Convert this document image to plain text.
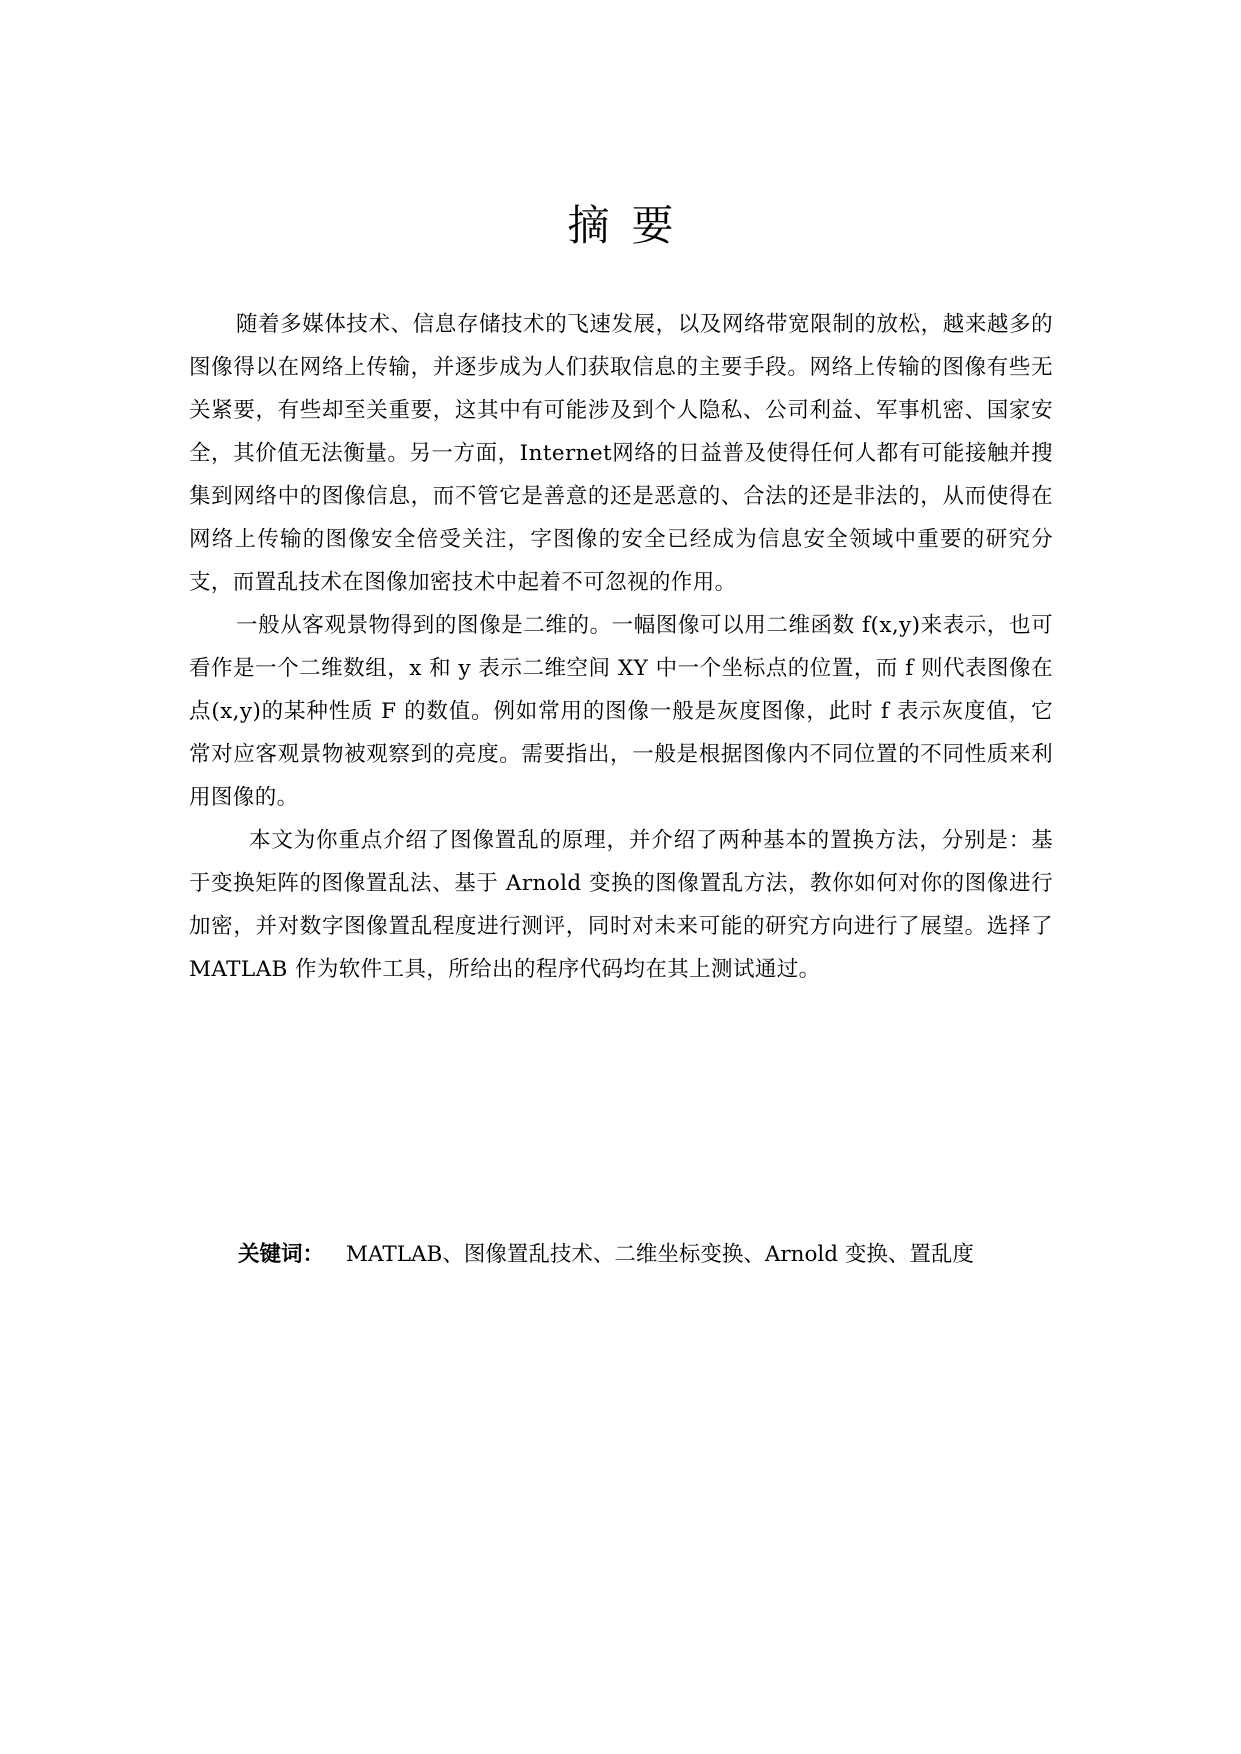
摘要

随着多媒体技术、信息存储技术的飞速发展，以及网络带宽限制的放松，越来越多的图像得以在网络上传输，并逐步成为人们获取信息的主要手段。网络上传输的图像有些无关紧要，有些却至关重要，这其中有可能涉及到个人隐私、公司利益、军事机密、国家安全，其价值无法衡量。另一方面，Internet网络的日益普及使得任何人都有可能接触并搜集到网络中的图像信息，而不管它是善意的还是恶意的、合法的还是非法的，从而使得在网络上传输的图像安全倍受关注，字图像的安全已经成为信息安全领域中重要的研究分支，而置乱技术在图像加密技术中起着不可忽视的作用。

一般从客观景物得到的图像是二维的。一幅图像可以用二维函数 f(x,y)来表示，也可看作是一个二维数组，x 和 y 表示二维空间 XY 中一个坐标点的位置，而 f 则代表图像在点(x,y)的某种性质 F 的数值。例如常用的图像一般是灰度图像，此时 f 表示灰度值，它常对应客观景物被观察到的亮度。需要指出，一般是根据图像内不同位置的不同性质来利用图像的。

本文为你重点介绍了图像置乱的原理，并介绍了两种基本的置换方法，分别是：基于变换矩阵的图像置乱法、基于 Arnold 变换的图像置乱方法，教你如何对你的图像进行加密，并对数字图像置乱程度进行测评，同时对未来可能的研究方向进行了展望。选择了 MATLAB 作为软件工具，所给出的程序代码均在其上测试通过。

关键词： MATLAB、图像置乱技术、二维坐标变换、Arnold 变换、置乱度
